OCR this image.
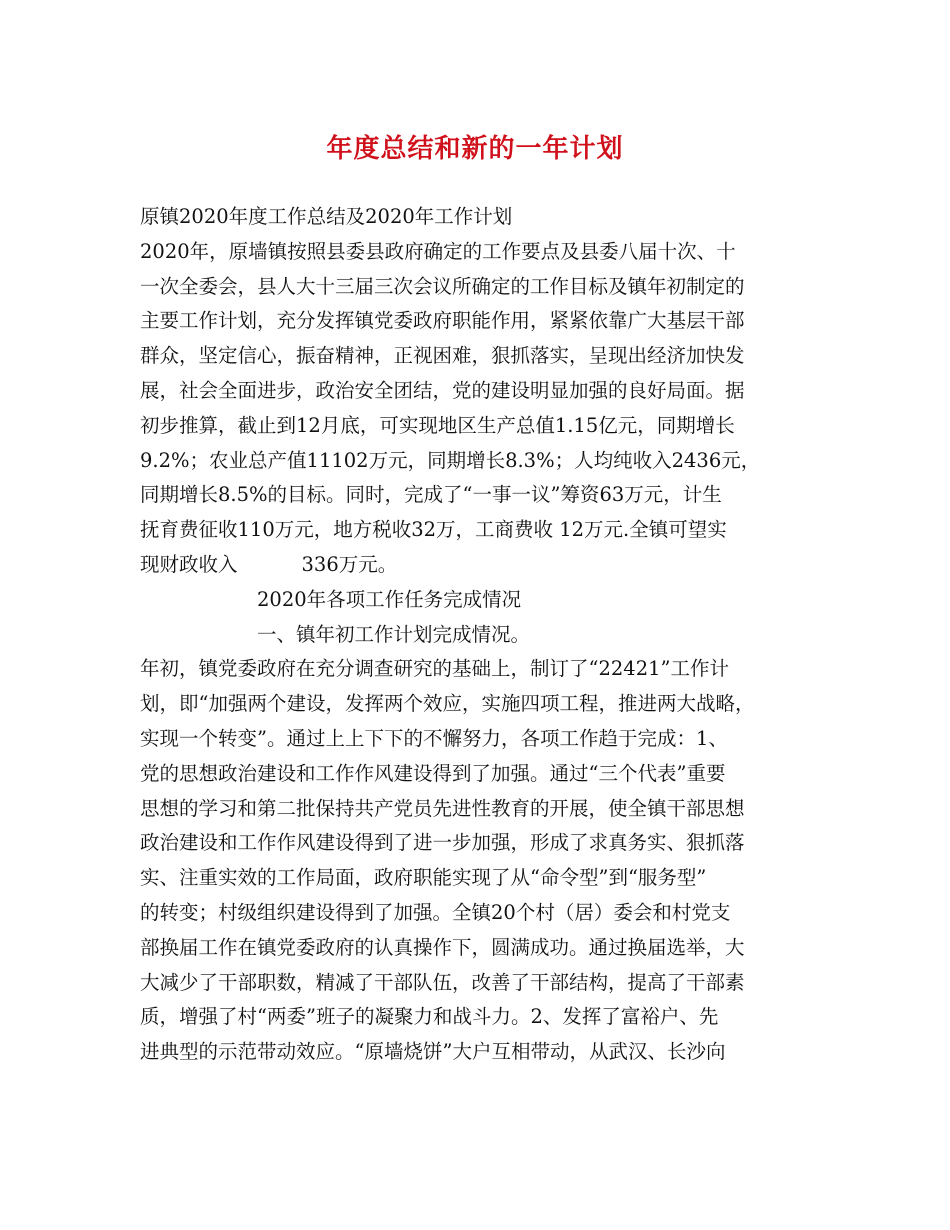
年度总结和新的一年计划
原镇2020年度工作总结及2020年工作计划
2020年，原墙镇按照县委县政府确定的工作要点及县委八届十次、十
一次全委会，县人大十三届三次会议所确定的工作目标及镇年初制定的
主要工作计划，充分发挥镇党委政府职能作用，紧紧依靠广大基层干部
群众，坚定信心，振奋精神，正视困难，狠抓落实，呈现出经济加快发
展，社会全面进步，政治安全团结，党的建设明显加强的良好局面。据
初步推算，截止到12月底，可实现地区生产总值1.15亿元，同期增长
9.2%；农业总产值11102万元，同期增长8.3%；人均纯收入2436元，
同期增长8.5%的目标。同时，完成了“一事一议”筹资63万元，计生
抚育费征收110万元，地方税收32万，工商费收 12万元.全镇可望实
现财政收入	336万元。
2020年各项工作任务完成情况
一、镇年初工作计划完成情况。
年初，镇党委政府在充分调查研究的基础上，制订了“22421”工作计
划，即“加强两个建设，发挥两个效应，实施四项工程，推进两大战略，
实现一个转变”。通过上上下下的不懈努力，各项工作趋于完成：1、
党的思想政治建设和工作作风建设得到了加强。通过“三个代表”重要
思想的学习和第二批保持共产党员先进性教育的开展，使全镇干部思想
政治建设和工作作风建设得到了进一步加强，形成了求真务实、狠抓落
实、注重实效的工作局面，政府职能实现了从“命令型”到“服务型”
的转变；村级组织建设得到了加强。全镇20个村（居）委会和村党支
部换届工作在镇党委政府的认真操作下，圆满成功。通过换届选举，大
大减少了干部职数，精减了干部队伍，改善了干部结构，提高了干部素
质，增强了村“两委”班子的凝聚力和战斗力。2、发挥了富裕户、先
进典型的示范带动效应。“原墙烧饼”大户互相带动，从武汉、长沙向
